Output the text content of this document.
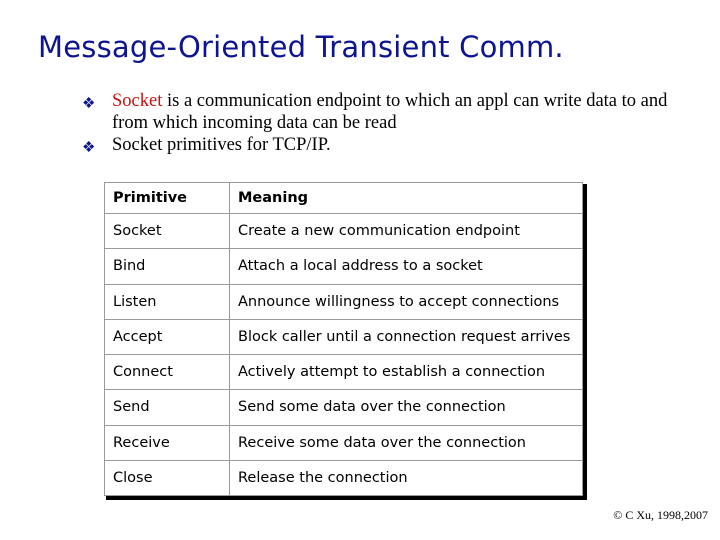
Message-Oriented Transient Comm.
❖ Socket is a communication endpoint to which an appl can write data to and from which incoming data can be read
❖ Socket primitives for TCP/IP.
Primitive	Meaning
Socket	Create a new communication endpoint
Bind	Attach a local address to a socket
Listen	Announce willingness to accept connections
Accept	Block caller until a connection request arrives
Connect	Actively attempt to establish a connection
Send	Send some data over the connection
Receive	Receive some data over the connection
Close	Release the connection
© C Xu, 1998,2007
